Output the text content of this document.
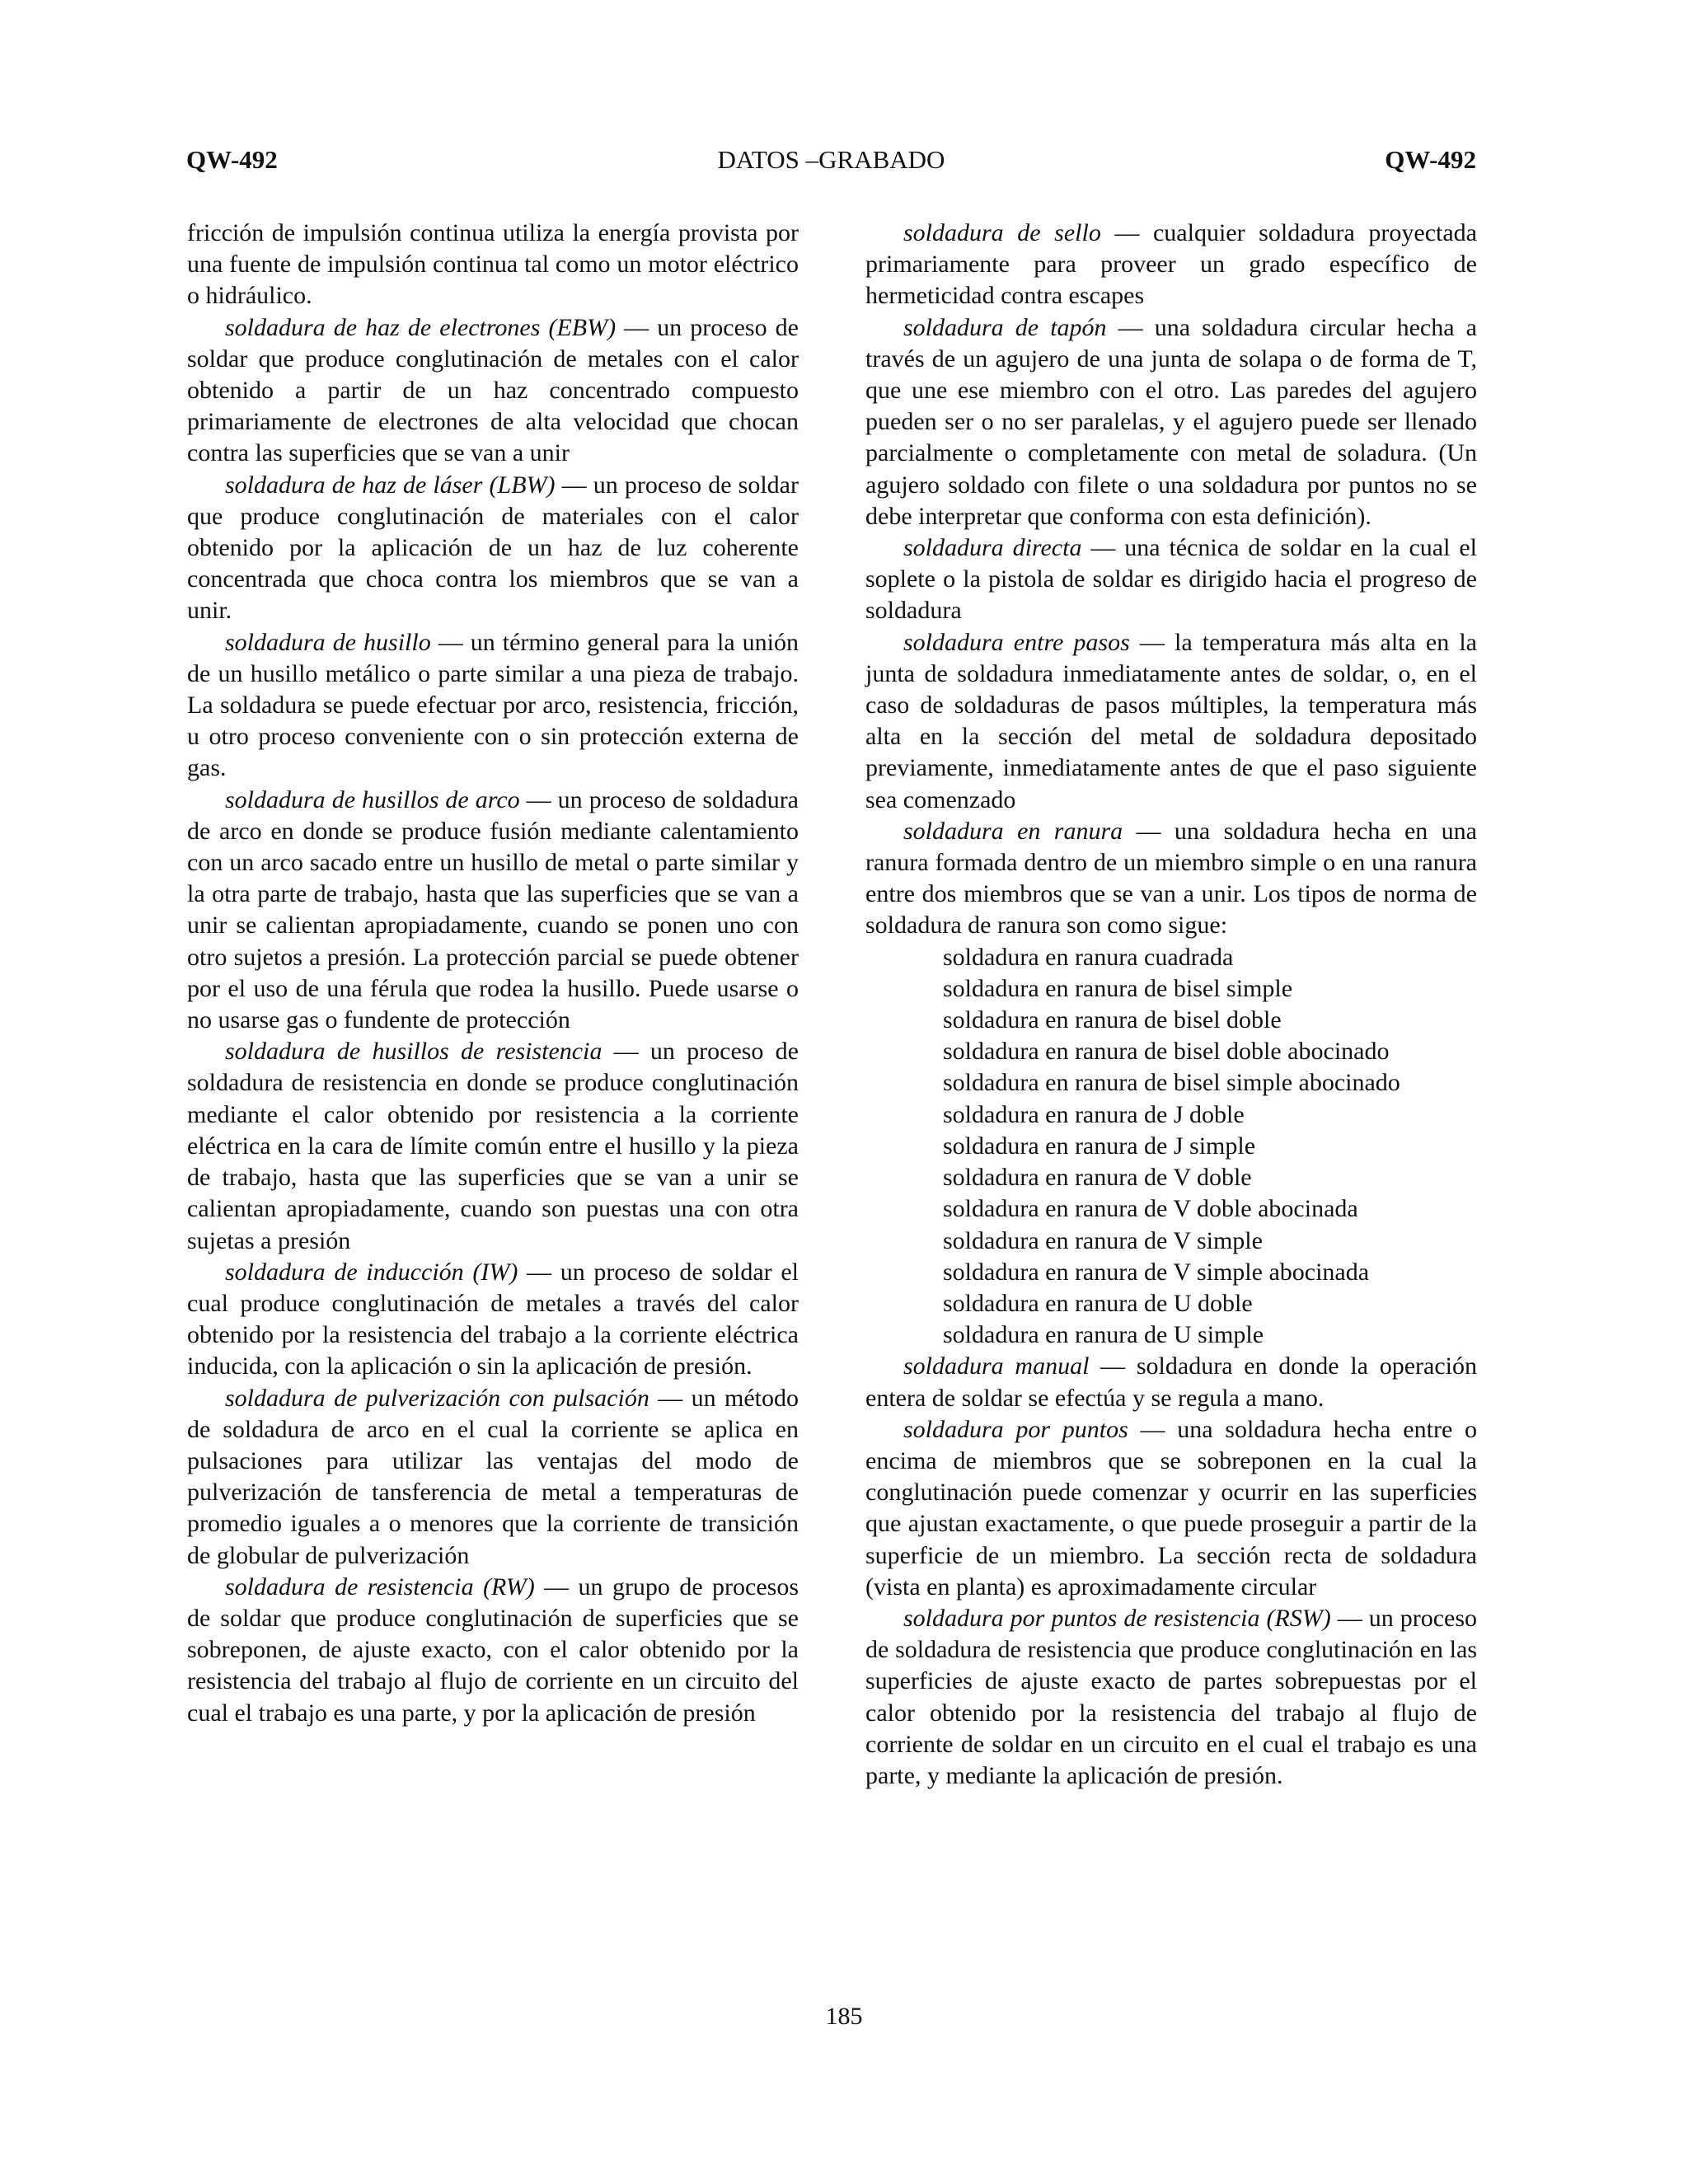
QW-492	DATOS –GRABADO	QW-492

fricción de impulsión continua utiliza la energía provista por una fuente de impulsión continua tal como un motor eléctrico o hidráulico.

soldadura de haz de electrones (EBW) — un proceso de soldar que produce conglutinación de metales con el calor obtenido a partir de un haz concentrado compuesto primariamente de electrones de alta velocidad que chocan contra las superficies que se van a unir

soldadura de haz de láser (LBW) — un proceso de soldar que produce conglutinación de materiales con el calor obtenido por la aplicación de un haz de luz coherente concentrada que choca contra los miembros que se van a unir.

soldadura de husillo — un término general para la unión de un husillo metálico o parte similar a una pieza de trabajo. La soldadura se puede efectuar por arco, resistencia, fricción, u otro proceso conveniente con o sin protección externa de gas.

soldadura de husillos de arco — un proceso de soldadura de arco en donde se produce fusión mediante calentamiento con un arco sacado entre un husillo de metal o parte similar y la otra parte de trabajo, hasta que las superficies que se van a unir se calientan apropiadamente, cuando se ponen uno con otro sujetos a presión. La protección parcial se puede obtener por el uso de una férula que rodea la husillo. Puede usarse o no usarse gas o fundente de protección

soldadura de husillos de resistencia — un proceso de soldadura de resistencia en donde se produce conglutinación mediante el calor obtenido por resistencia a la corriente eléctrica en la cara de límite común entre el husillo y la pieza de trabajo, hasta que las superficies que se van a unir se calientan apropiadamente, cuando son puestas una con otra sujetas a presión

soldadura de inducción (IW) — un proceso de soldar el cual produce conglutinación de metales a través del calor obtenido por la resistencia del trabajo a la corriente eléctrica inducida, con la aplicación o sin la aplicación de presión.

soldadura de pulverización con pulsación — un método de soldadura de arco en el cual la corriente se aplica en pulsaciones para utilizar las ventajas del modo de pulverización de tansferencia de metal a temperaturas de promedio iguales a o menores que la corriente de transición de globular de pulverización

soldadura de resistencia (RW) — un grupo de procesos de soldar que produce conglutinación de superficies que se sobreponen, de ajuste exacto, con el calor obtenido por la resistencia del trabajo al flujo de corriente en un circuito del cual el trabajo es una parte, y por la aplicación de presión

soldadura de sello — cualquier soldadura proyectada primariamente para proveer un grado específico de hermeticidad contra escapes

soldadura de tapón — una soldadura circular hecha a través de un agujero de una junta de solapa o de forma de T, que une ese miembro con el otro. Las paredes del agujero pueden ser o no ser paralelas, y el agujero puede ser llenado parcialmente o completamente con metal de soladura. (Un agujero soldado con filete o una soldadura por puntos no se debe interpretar que conforma con esta definición).

soldadura directa — una técnica de soldar en la cual el soplete o la pistola de soldar es dirigido hacia el progreso de soldadura

soldadura entre pasos — la temperatura más alta en la junta de soldadura inmediatamente antes de soldar, o, en el caso de soldaduras de pasos múltiples, la temperatura más alta en la sección del metal de soldadura depositado previamente, inmediatamente antes de que el paso siguiente sea comenzado

soldadura en ranura — una soldadura hecha en una ranura formada dentro de un miembro simple o en una ranura entre dos miembros que se van a unir. Los tipos de norma de soldadura de ranura son como sigue:

soldadura en ranura cuadrada
soldadura en ranura de bisel simple
soldadura en ranura de bisel doble
soldadura en ranura de bisel doble abocinado
soldadura en ranura de bisel simple abocinado
soldadura en ranura de J doble
soldadura en ranura de J simple
soldadura en ranura de V doble
soldadura en ranura de V doble abocinada
soldadura en ranura de V simple
soldadura en ranura de V simple abocinada
soldadura en ranura de U doble
soldadura en ranura de U simple

soldadura manual — soldadura en donde la operación entera de soldar se efectúa y se regula a mano.

soldadura por puntos — una soldadura hecha entre o encima de miembros que se sobreponen en la cual la conglutinación puede comenzar y ocurrir en las superficies que ajustan exactamente, o que puede proseguir a partir de la superficie de un miembro. La sección recta de soldadura (vista en planta) es aproximadamente circular

soldadura por puntos de resistencia (RSW) — un proceso de soldadura de resistencia que produce conglutinación en las superficies de ajuste exacto de partes sobrepuestas por el calor obtenido por la resistencia del trabajo al flujo de corriente de soldar en un circuito en el cual el trabajo es una parte, y mediante la aplicación de presión.

185
